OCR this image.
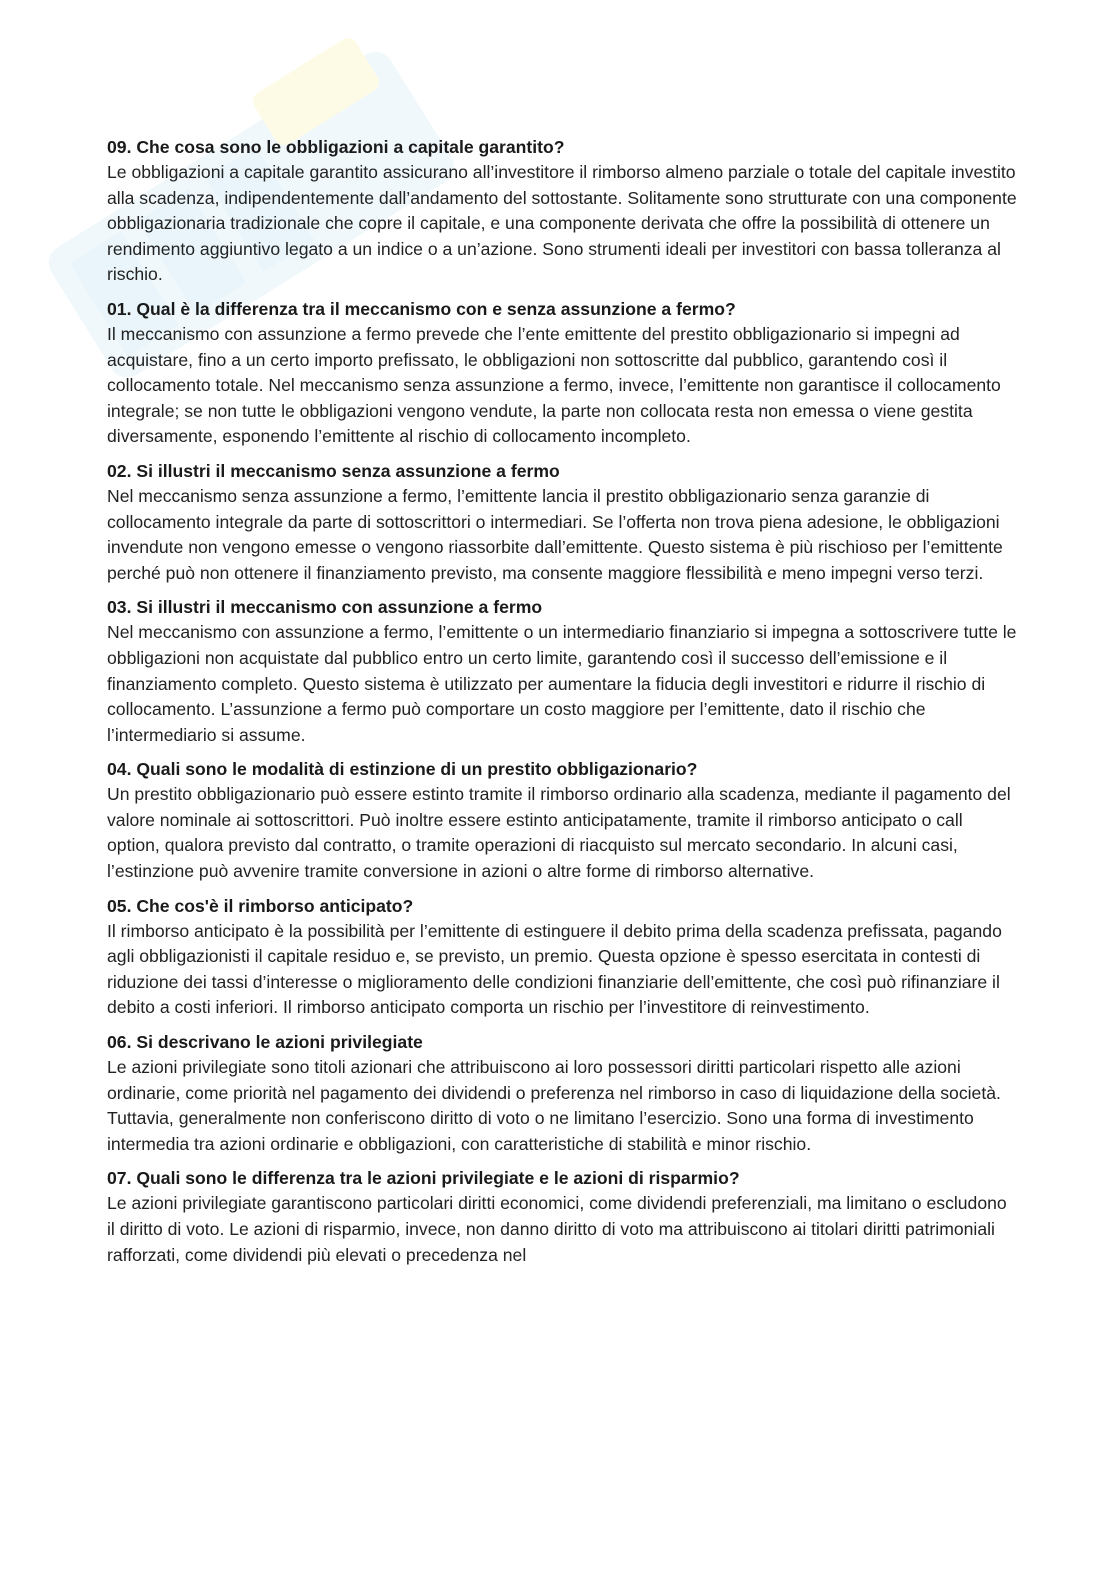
09. Che cosa sono le obbligazioni a capitale garantito?

Le obbligazioni a capitale garantito assicurano all’investitore il rimborso almeno parziale o totale del capitale investito alla scadenza, indipendentemente dall’andamento del sottostante. Solitamente sono strutturate con una componente obbligazionaria tradizionale che copre il capitale, e una componente derivata che offre la possibilità di ottenere un rendimento aggiuntivo legato a un indice o a un’azione. Sono strumenti ideali per investitori con bassa tolleranza al rischio.

01. Qual è la differenza tra il meccanismo con e senza assunzione a fermo?

Il meccanismo con assunzione a fermo prevede che l’ente emittente del prestito obbligazionario si impegni ad acquistare, fino a un certo importo prefissato, le obbligazioni non sottoscritte dal pubblico, garantendo così il collocamento totale. Nel meccanismo senza assunzione a fermo, invece, l’emittente non garantisce il collocamento integrale; se non tutte le obbligazioni vengono vendute, la parte non collocata resta non emessa o viene gestita diversamente, esponendo l’emittente al rischio di collocamento incompleto.

02. Si illustri il meccanismo senza assunzione a fermo

Nel meccanismo senza assunzione a fermo, l’emittente lancia il prestito obbligazionario senza garanzie di collocamento integrale da parte di sottoscrittori o intermediari. Se l’offerta non trova piena adesione, le obbligazioni invendute non vengono emesse o vengono riassorbite dall’emittente. Questo sistema è più rischioso per l’emittente perché può non ottenere il finanziamento previsto, ma consente maggiore flessibilità e meno impegni verso terzi.

03. Si illustri il meccanismo con assunzione a fermo

Nel meccanismo con assunzione a fermo, l’emittente o un intermediario finanziario si impegna a sottoscrivere tutte le obbligazioni non acquistate dal pubblico entro un certo limite, garantendo così il successo dell’emissione e il finanziamento completo. Questo sistema è utilizzato per aumentare la fiducia degli investitori e ridurre il rischio di collocamento. L’assunzione a fermo può comportare un costo maggiore per l’emittente, dato il rischio che l’intermediario si assume.

04. Quali sono le modalità di estinzione di un prestito obbligazionario?

Un prestito obbligazionario può essere estinto tramite il rimborso ordinario alla scadenza, mediante il pagamento del valore nominale ai sottoscrittori. Può inoltre essere estinto anticipatamente, tramite il rimborso anticipato o call option, qualora previsto dal contratto, o tramite operazioni di riacquisto sul mercato secondario. In alcuni casi, l’estinzione può avvenire tramite conversione in azioni o altre forme di rimborso alternative.

05. Che cos'è il rimborso anticipato?

Il rimborso anticipato è la possibilità per l’emittente di estinguere il debito prima della scadenza prefissata, pagando agli obbligazionisti il capitale residuo e, se previsto, un premio. Questa opzione è spesso esercitata in contesti di riduzione dei tassi d’interesse o miglioramento delle condizioni finanziarie dell’emittente, che così può rifinanziare il debito a costi inferiori. Il rimborso anticipato comporta un rischio per l’investitore di reinvestimento.

06. Si descrivano le azioni privilegiate

Le azioni privilegiate sono titoli azionari che attribuiscono ai loro possessori diritti particolari rispetto alle azioni ordinarie, come priorità nel pagamento dei dividendi o preferenza nel rimborso in caso di liquidazione della società. Tuttavia, generalmente non conferiscono diritto di voto o ne limitano l’esercizio. Sono una forma di investimento intermedia tra azioni ordinarie e obbligazioni, con caratteristiche di stabilità e minor rischio.

07. Quali sono le differenza tra le azioni privilegiate e le azioni di risparmio?

Le azioni privilegiate garantiscono particolari diritti economici, come dividendi preferenziali, ma limitano o escludono il diritto di voto. Le azioni di risparmio, invece, non danno diritto di voto ma attribuiscono ai titolari diritti patrimoniali rafforzati, come dividendi più elevati o precedenza nel
